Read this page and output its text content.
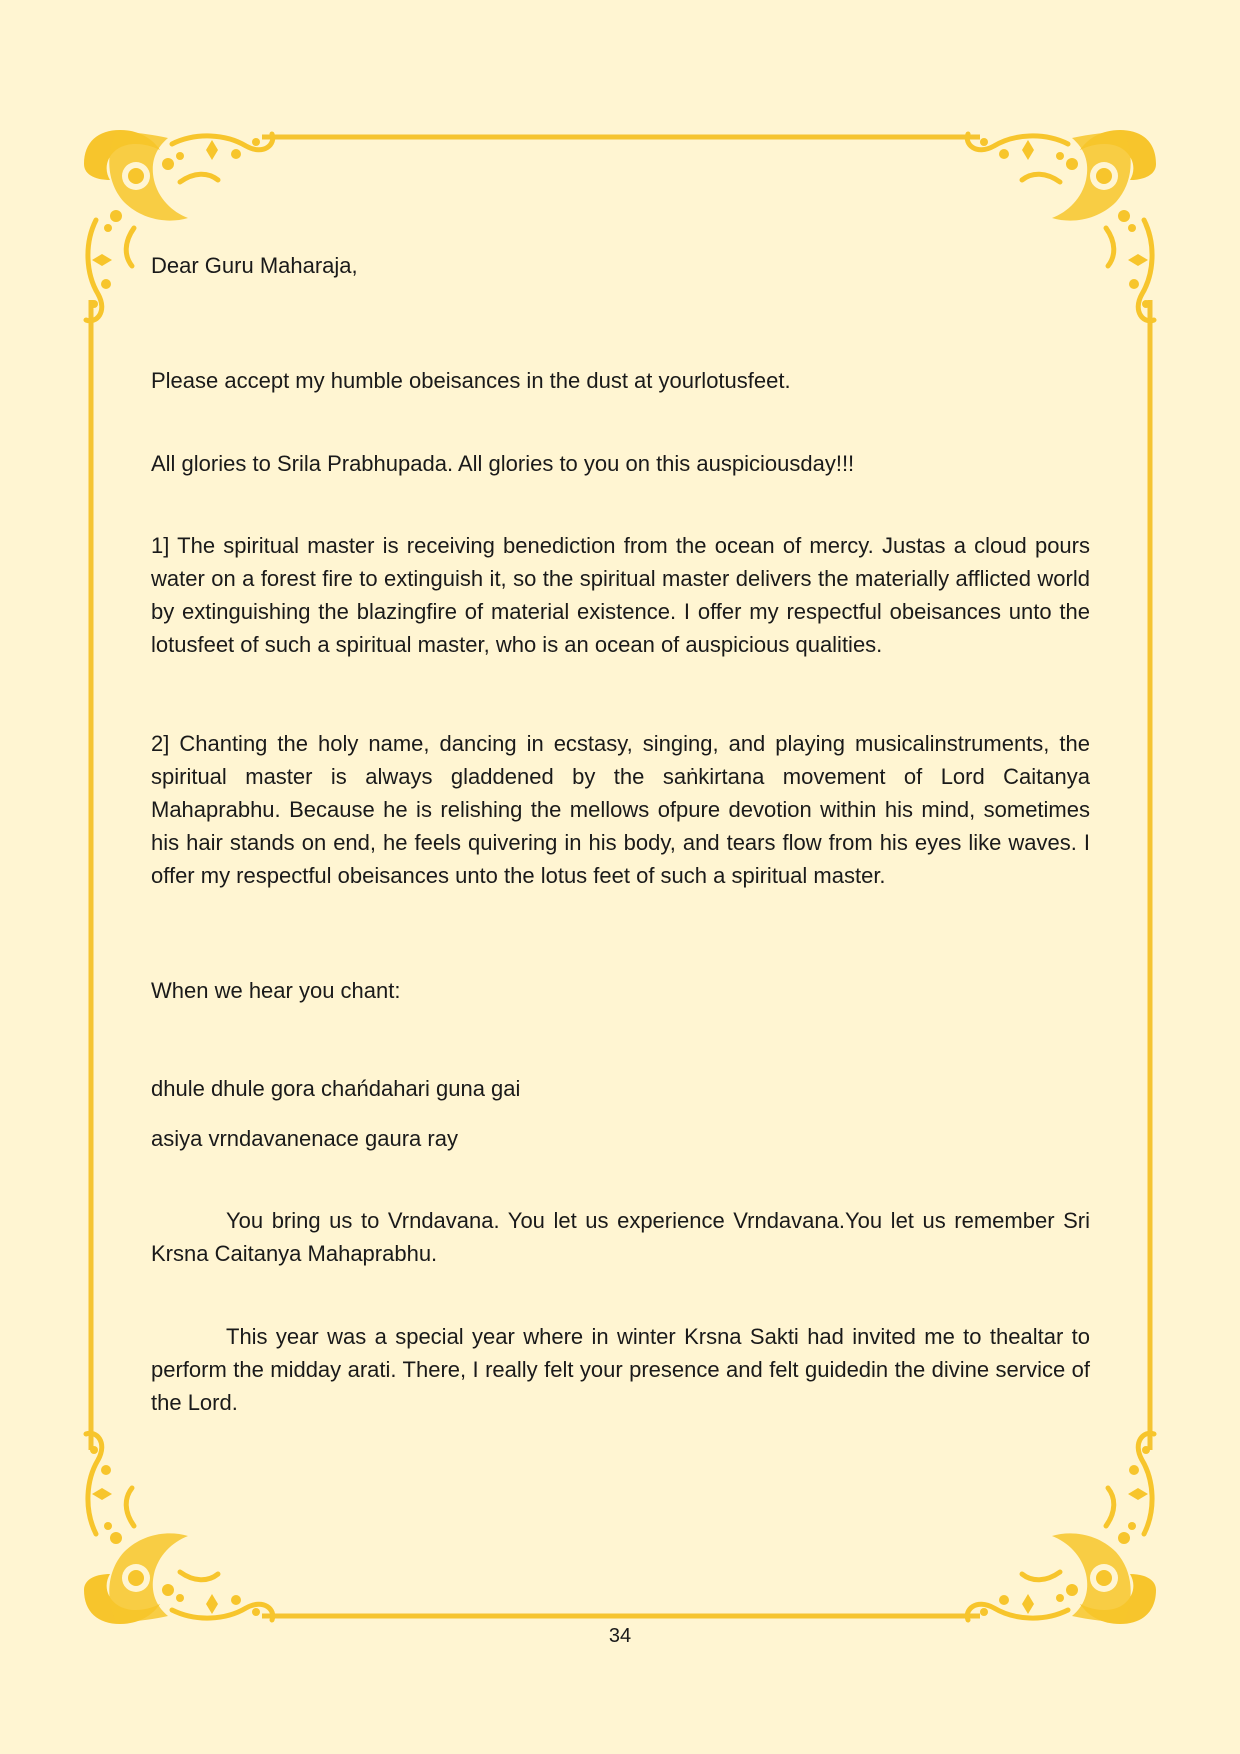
Dear Guru Maharaja,

Please accept my humble obeisances in the dust at yourlotusfeet.

All glories to Srila Prabhupada. All glories to you on this auspiciousday!!!

1] The spiritual master is receiving benediction from the ocean of mercy. Justas a cloud pours water on a forest fire to extinguish it, so the spiritual master delivers the materially afflicted world by extinguishing the blazingfire of material existence. I offer my respectful obeisances unto the lotusfeet of such a spiritual master, who is an ocean of auspicious qualities.

2] Chanting the holy name, dancing in ecstasy, singing, and playing musicalinstruments, the spiritual master is always gladdened by the saṅkirtana movement of Lord Caitanya Mahaprabhu. Because he is relishing the mellows ofpure devotion within his mind, sometimes his hair stands on end, he feels quivering in his body, and tears flow from his eyes like waves. I offer my respectful obeisances unto the lotus feet of such a spiritual master.

When we hear you chant:

dhule dhule gora chańdahari guna gai

asiya vrndavanenace gaura ray

You bring us to Vrndavana. You let us experience Vrndavana.You let us remember Sri Krsna Caitanya Mahaprabhu.

This year was a special year where in winter Krsna Sakti had invited me to thealtar to perform the midday arati. There, I really felt your presence and felt guidedin the divine service of the Lord.

34
